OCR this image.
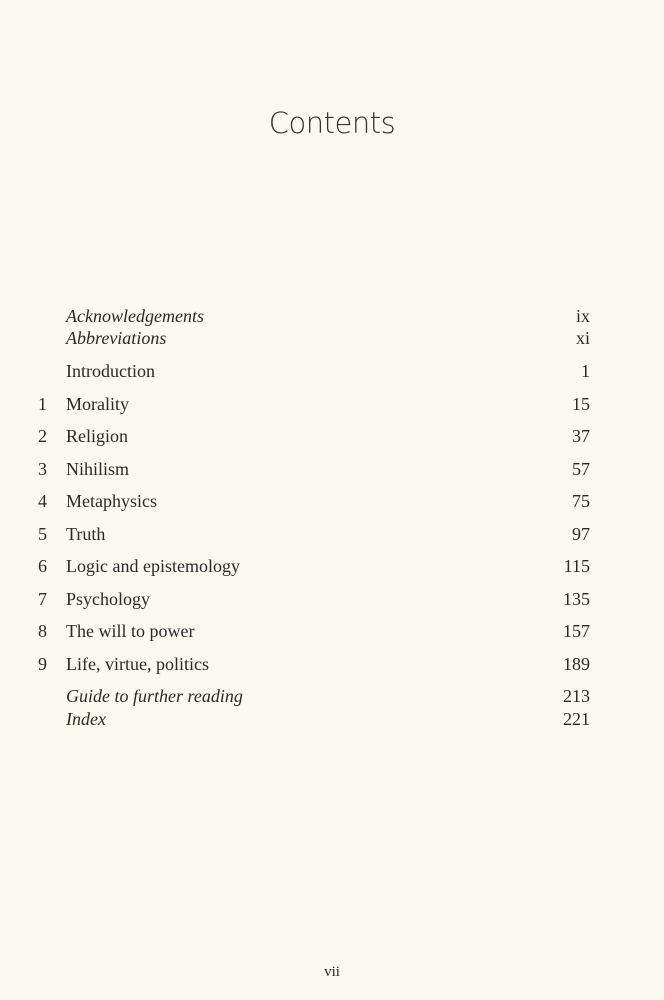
Contents
Acknowledgements	ix
Abbreviations	xi
Introduction	1
1 Morality	15
2 Religion	37
3 Nihilism	57
4 Metaphysics	75
5 Truth	97
6 Logic and epistemology	115
7 Psychology	135
8 The will to power	157
9 Life, virtue, politics	189
Guide to further reading	213
Index	221
vii
